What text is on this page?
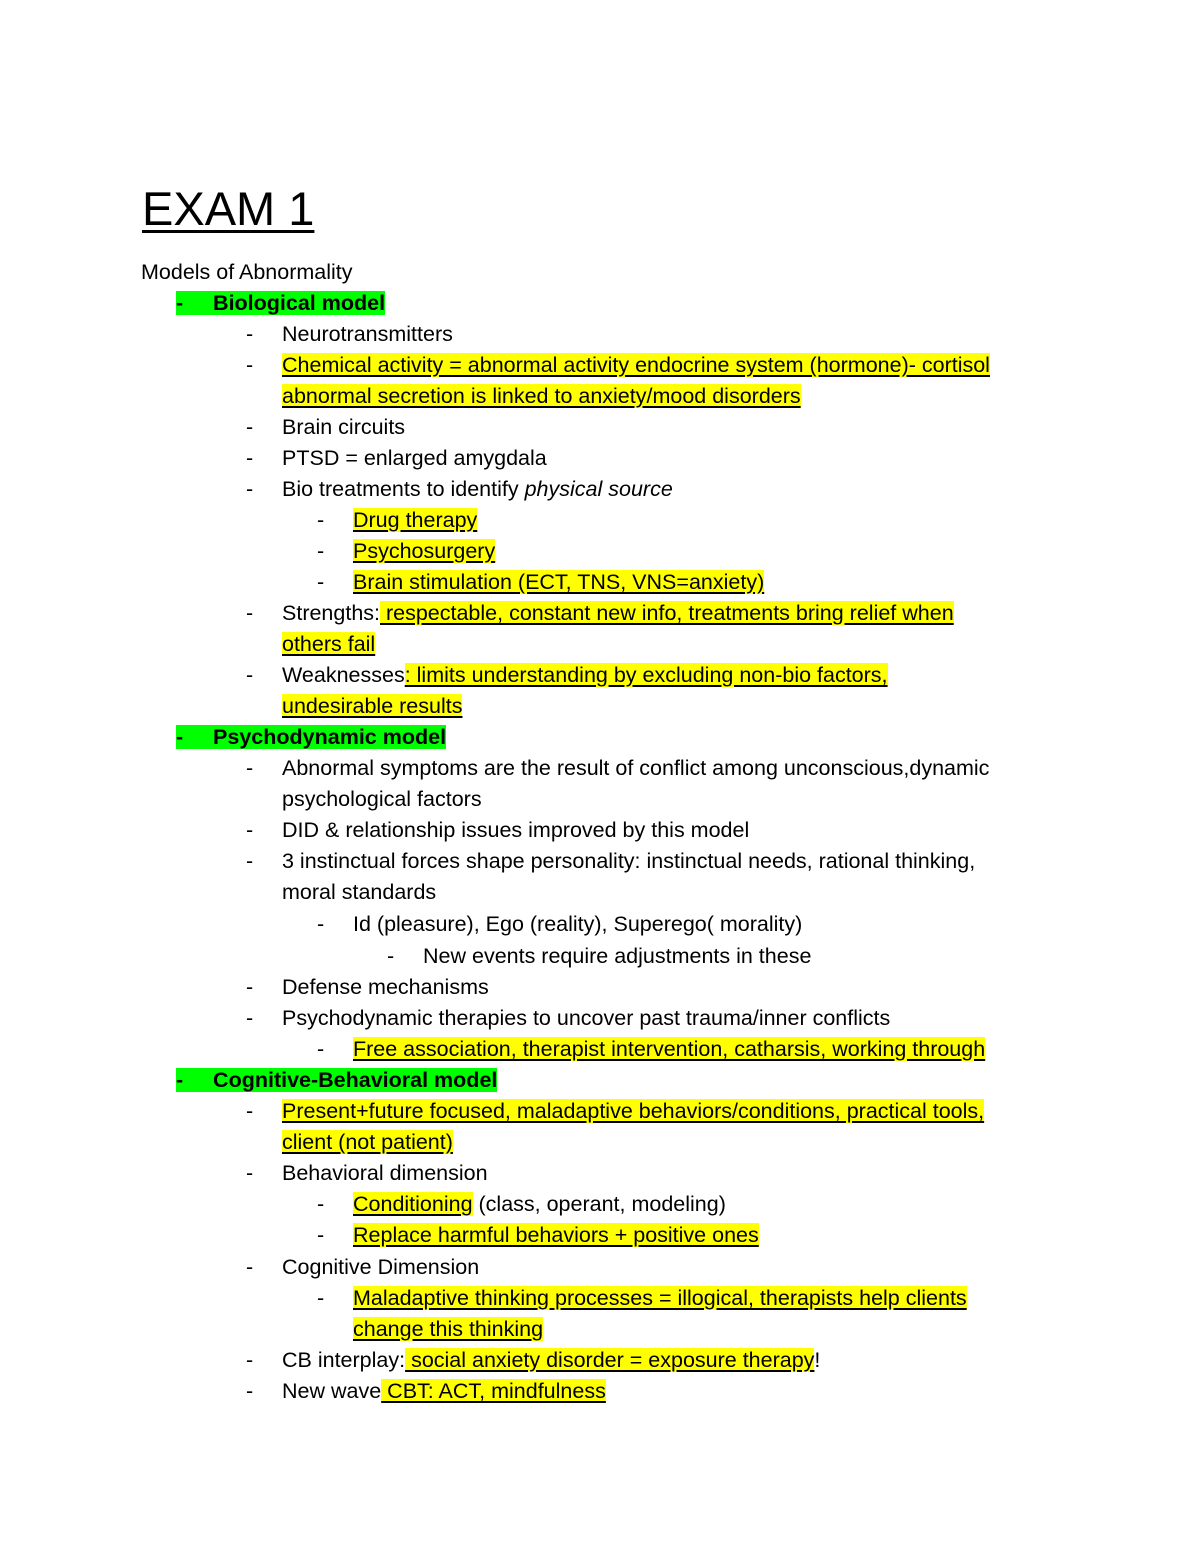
EXAM 1
Models of Abnormality
- Biological model
- Neurotransmitters
- Chemical activity = abnormal activity endocrine system (hormone)- cortisol
abnormal secretion is linked to anxiety/mood disorders
- Brain circuits
- PTSD = enlarged amygdala
- Bio treatments to identify physical source
- Drug therapy
- Psychosurgery
- Brain stimulation (ECT, TNS, VNS=anxiety)
- Strengths: respectable, constant new info, treatments bring relief when
others fail
- Weaknesses: limits understanding by excluding non-bio factors,
undesirable results
- Psychodynamic model
- Abnormal symptoms are the result of conflict among unconscious,dynamic
psychological factors
- DID & relationship issues improved by this model
- 3 instinctual forces shape personality: instinctual needs, rational thinking,
moral standards
- Id (pleasure), Ego (reality), Superego( morality)
- New events require adjustments in these
- Defense mechanisms
- Psychodynamic therapies to uncover past trauma/inner conflicts
- Free association, therapist intervention, catharsis, working through
- Cognitive-Behavioral model
- Present+future focused, maladaptive behaviors/conditions, practical tools,
client (not patient)
- Behavioral dimension
- Conditioning (class, operant, modeling)
- Replace harmful behaviors + positive ones
- Cognitive Dimension
- Maladaptive thinking processes = illogical, therapists help clients
change this thinking
- CB interplay: social anxiety disorder = exposure therapy!
- New wave CBT: ACT, mindfulness
